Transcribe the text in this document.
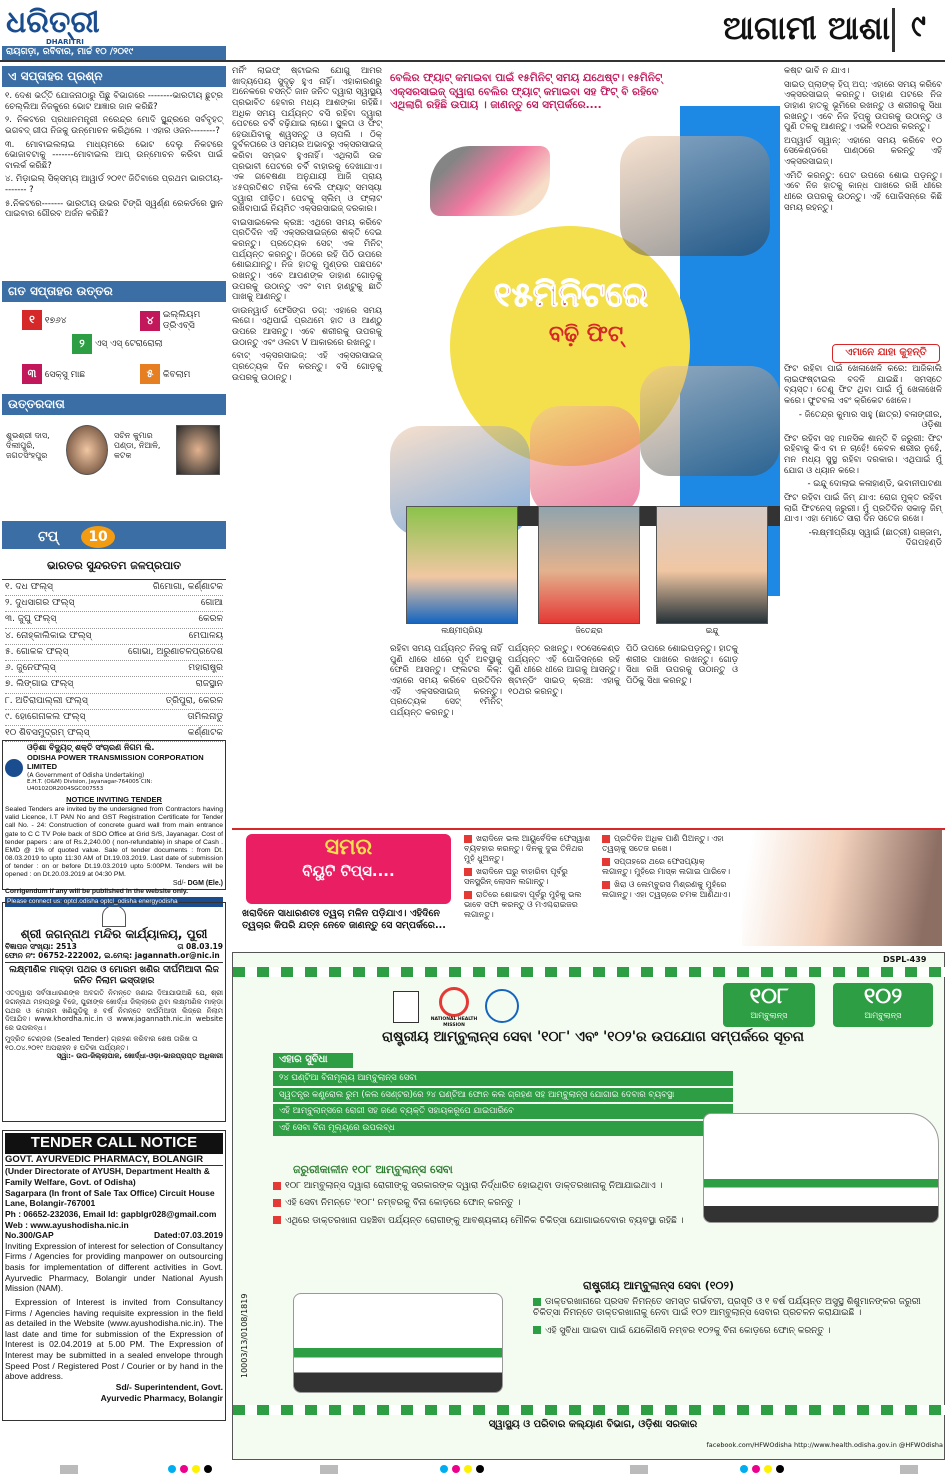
ଧରିତ୍ରୀ
DHARITRI
ରାୟଗଡ଼ା, ରବିବାର, ମାର୍ଚ୍ଚ ୧୦ /୨୦୧୯
ଆଗାମୀ ଆଶା ୯
ଏ ସପ୍ତାହର ପ୍ରଶ୍ନ

୧. ଦେଶ ଭର୍ତ୍ତି ଯୋଜନାଠାରୁ ପିଛୁ ବିଭାଗରେ --------ଭାରତୀୟ ଛୁଟ୍‌ର ଚେଲ୍ଲିଆ ନିଜକୁରେ ଭୋଟ ଆଜ୍ଞାର ଜାନ କରିଛି?

୨. ନିକଟରେ ପ୍ରଧାନମନ୍ତ୍ରୀ ନରେନ୍ଦ୍ର ମୋଦି ସ୍ଥୂନ୍ଦ୍ରରେ ସର୍ବବୃହତ୍ ଭଗବଦ୍ ଗୀତା ନିଜକୁ ଉନ୍ମୋଚନ କରିଥିଲେ । ଏହାର ଓଜନ--------?

୩. ମୋବାଇଲଲାଇ ମାଧ୍ୟମରେ ଭୋଟ ଦେଲୁ ନିକଟରେ ଭୋଜାବଟାକୁ -------ମୋବାଇଲ ଆପ୍ ଉନ୍ମୋଚନ କରିବା ପାଇଁ ବାଲର୍କ କରିଛି?

୪. ମିଡ଼ାଇଲ୍ ସିକ୍ସମ୍ୟ ଆୱାର୍ଡ ୨୦୧୯ ଜିତିବାରେ ପ୍ରଥମ ଭାରତୀୟ-------- ?

୫.ନିକଟରେ------- ଭାରତୀୟ ଉଭର ଟିଙ୍ଗି ସ୍ୱର୍ଣ୍ଣ ରେକର୍ଡରେ ସ୍ଥାନ ପାଇବାର ଗୌରବ ଅର୍ଜନ କରିଛି?

ଗତ ସପ୍ତାହର ଉତ୍ତର
୧ ୧୭୬୪
୨ ଏସ୍ ଏସ୍ ଟେରାରୋଲା
୩ ସେକ୍ସୁ ମାଛ
୪ ଇଲ୍ଲିୟମ ଡ୍ରିଏବ୍ସି
୫ କିବଲାମ
ଉତ୍ତରଦାତା
ଶୁଭଶ୍ରୀ ଦାସ, ଦିଲୀପୁରି, ଜଗତସିଂହପୁର
ସଚିନ କୁମାର ପଣ୍ଡା, ନିଆଳି, କଟକ
ଟପ୍ 10
ଭାରତର ସୁନ୍ଦରତମ ଜଳପ୍ରପାତ
୧. ଦଧ ଫଲ୍ସ୍	ଗିମୋଗା, କର୍ଣ୍ଣାଟକ
୨. ଦୁଧସାଗର ଫଲ୍ସ୍	ଗୋଆ
୩. ଜୁଘୁ ଫଲ୍ସ୍	କେରଳ
୪. ନୋହ୍‌କାଲିକାଇ ଫଲ୍ସ୍	ମେଘାଳୟ
୫. ଗୋକକ ଫଲ୍ସ୍	ଗୋଭା, ଅରୁଣାଚଳପ୍ରଦେଶ
୬. ଜୁନେଫଲ୍ସ୍	ମହାରାଷ୍ଟ୍ର
୭. ଲିଙ୍ଗାଇ ଫଲ୍ସ୍	ରାଜସ୍ଥାନ
୮. ଅତିରାପାଲ୍ଲୀ ଫଲ୍ସ୍	ତ୍ରିପୁରା, କେରଳ
୯. ହୋଗେନାକଲ ଫଲ୍ସ୍	ତାମିଲନାଡୁ
୧୦ ଶିବସମୁଦ୍ରମ୍ ଫଲ୍ସ୍	କର୍ଣ୍ଣାଟକ
ଓଡ଼ିଶା ବିଦ୍ୟୁତ୍ ଶକ୍ତି ସଂଚାରଣ ନିଗମ ଲି.
ODISHA POWER TRANSMISSION CORPORATION LIMITED
(A Government of Odisha Undertaking)
E.H.T. (O&M) Division, Jayanagar-764005 CIN: U40102OR2004SGC007553
NOTICE INVITING TENDER
Sealed Tenders are invited by the undersigned from Contractors having valid Licence, I.T PAN No and GST Registration Certificate for Tender call No. - 24: Construction of concrete guard wall from main entrance gate to C C TV Pole back of SDO Office at Grid S/S, Jayanagar. Cost of tender papers : are of Rs.2,240.00 ( non-refundable) in shape of Cash . EMD @ 1% of quoted value. Sale of tender documents : from Dt. 08.03.2019 to upto 11:30 AM of Dt.19.03.2019. Last date of submission of tender : on or before Dt.19.03.2019 upto 5:00PM. Tenders will be opened : on Dt.20.03.2019 at 04:30 PM.
Sd/- DGM (Ele.)
Corrigendum if any will be published in the website only.
Please connect us: optcl.odisha optcl_odisha energyodisha
ଶ୍ରୀ ଜଗନ୍ନାଥ ମନ୍ଦିର କାର୍ଯ୍ୟାଳୟ, ପୁରୀ
ବିଜ୍ଞାପନ ସଂଖ୍ୟା: 2513	ତା 08.03.19
ଫୋନ ନଂ: 06752-222002, ଇ.ମେଲ୍: jagannath.or@nic.in
ଲକ୍ଷ୍ମୀଣିକ ମାକ୍ଡ଼ା ପଥର ଓ ମୋରମ ଖଣିର ଦୀର୍ଘମିଆଦୀ ଲିଜ ଜନିତ ନିଲାମ ଇସ୍ତାହାର
ଏତଦ୍ୱାରା ସର୍ବସାଧାରଣଙ୍କ ଅବଗତି ନିମନ୍ତେ ଜଣାଇ ଦିଆଯାଉଅଛି ଯେ, ଶ୍ରୀ ଜଗନ୍ନାଥ ମହାପ୍ରଭୁ ବିଜେ, ପୁରୀଙ୍କ ଖୋର୍ଦ୍ଧା ଜିଲ୍ଲାରେ ଥିବା ଲକ୍ଷ୍ମୀଣିକ ମାକ୍ଡ଼ା ପଥର ଓ ମୋରମ ଖଣିଗୁଡ଼ିକୁ ୫ ବର୍ଷ ନିମନ୍ତେ ଦୀର୍ଘମିଆଦୀ ଲିଜ୍‌ରେ ନିଲାମ ଦିଆଯିବ। www.khordha.nic.in ଓ www.jagannath.nic.in website ରେ ଉପଲବ୍ଧ।
ମୁଦ୍ରିତ ଟେଣ୍ଡର (Sealed Tender) ଗ୍ରହଣ କରିବାର ଶେଷ ତାରିଖ ତା ୧୦.୦୪.୨୦୧୯ ଅପରାହ୍ନ ୫ ଘଟିକା ପର୍ଯ୍ୟନ୍ତ।
ସ୍ୱା:- ଉପ-ଜିଲ୍ଲାପାଳ, ଖୋର୍ଦ୍ଧା-ଓଡ଼ା-ଭାରପ୍ରାପ୍ତ ଅଧିକାରୀ
TENDER CALL NOTICE
GOVT. AYURVEDIC PHARMACY, BOLANGIR
(Under Directorate of AYUSH, Department Health & Family Welfare, Govt. of Odisha)
Sagarpara (In front of Sale Tax Office) Circuit House Lane, Bolangir-767001
Ph : 06652-232036, Email Id: gapblgr028@gmail.com
Web : www.ayushodisha.nic.in
No.300/GAP	Dated:07.03.2019
Inviting Expression of interest for selection of Consultancy Firms / Agencies for providing manpower on outsourcing basis for implementation of different activities in Govt. Ayurvedic Pharmacy, Bolangir under National Ayush Mission (NAM).
Expression of Interest is invited from Consultancy Firms / Agencies having requisite expression in the field as detailed in the Website (www.ayushodisha.nic.in). The last date and time for submission of the Expression of Interest is 02.04.2019 at 5.00 PM. The Expression of Interest may be submitted in a sealed envelope through Speed Post / Registered Post / Courier or by hand in the above address.
Sd/- Superintendent, Govt.
Ayurvedic Pharmacy, Bolangir

ମର୍ନିଂ ଲାଇଫ୍ ଷ୍ଟାଇଲ ଯୋଗୁ ଆମର ଖାଦ୍ୟପେୟ ସୁଦୃଢ଼ ହୁଏ ନାହିଁ। ଏହାକାରଣରୁ ଅନେକରେ ବସନ୍ତି ଜାନ ଜନିତ ଦ୍ୱାରା ସ୍ୱାସ୍ଥ୍ୟ ପ୍ରଭାବିତ ହେବାର ମଧ୍ୟ ଆଶଙ୍କା ରହିଛି। ଅଧିକ ସମୟ ପର୍ଯ୍ୟନ୍ତ ବସି ରହିବା ଦ୍ୱାରା ପେଟରେ ଚର୍ବି ବଢ଼ିଯାଇ ଲାଗେ। ସ୍ଥୂଳତା ଓ ଫିଟ୍ ହେଉାଯିବାକୁ ଶ୍ୱସନ୍ତୁ ଓ ଚାପଲି । ଠିକ୍ ଦୁର୍ବଳତାରେ ଓ ସମୟର ଅଭାବରୁ ଏକ୍ସରସାଇଜ୍ କରିବା ସମ୍ଭବ ହୁଏନାହିଁ। ଏଥିଲାଗି ଉଚ୍ଚ ପ୍ରଭାବୀ ପେଟରେ ଚର୍ବି ବାହାରକୁ ଦେଖାଯାଏ। ଏକ ଗବେଷଣା ଅନୁଯାୟୀ ଆଜି ପ୍ରାୟ ୪୫ପ୍ରତିଶତ ମହିଳା ବେଲି ଫ୍ୟାଟ୍ ସମସ୍ୟା ଦ୍ୱାରା ପୀଡ଼ିତ। ପେଟକୁ ସ୍ଲିମ୍ ଓ ଫ୍ଲାଟ ରଖିବାପାଇଁ ନିୟମିତ ଏକ୍ସରସାଇଜ୍ ଦରକାର।

ବାଇସାଇକେଲ କ୍ରଞ୍ଚ: ଏଥିରେ ସମୟ କରିବେ ପ୍ରତିଦିନ ଏହି ଏକ୍ସରସାଇଜ୍‌ରେ ଶକ୍ତି ଦେଇ କରନ୍ତୁ। ପ୍ରତ୍ୟେକ ସେଟ୍ ଏକ ମିନିଟ୍ ପର୍ଯ୍ୟନ୍ତ କରନ୍ତୁ। ଜିଠରେ ରହି ପିଠି ଉପରେ ଶୋଇଯାନ୍ତୁ। ନିଜ ହାତକୁ ମୁଣ୍ଡର ପଛପଟେ ରଖନ୍ତୁ। ଏବେ ଆପଣଙ୍କ ଡାହାଣ ଗୋଡ଼କୁ ଉପରକୁ ଉଠାନ୍ତୁ ଏବଂ ବାମ ହାଣ୍ଟୁକୁ ଛାତି ପାଖକୁ ଆଣନ୍ତୁ।

ଡାଉନ୍‌ୱାର୍ଡ ଫେସିଙ୍ଗ ଡଗ୍: ଏହାରେ ସମୟ ଲଗେ। ଏଥିପାଇଁ ପ୍ରଥମେ ହାତ ଓ ଆଣ୍ଠୁ ଉପରେ ଆସନ୍ତୁ। ଏବେ ଶରୀରକୁ ଉପରକୁ ଉଠାନ୍ତୁ ଏବଂ ଓଲଟା V ଆକାରରେ ରଖନ୍ତୁ।

ବୋଟ୍ ଏକ୍ସରସାଇଜ୍: ଏହି ଏକ୍ସରସାଇଜ୍ ପ୍ରତ୍ୟେକ ଦିନ କରନ୍ତୁ। ବସି ଗୋଡ଼କୁ ଉପରକୁ ଉଠାନ୍ତୁ।

ବେଲିର ଫ୍ୟାଟ୍ କମାଇବା ପାଇଁ ୧୫ମିନିଟ୍ ସମୟ ଯଥେଷ୍ଟ। ୧୫ମିନିଟ୍ ଏକ୍ସରସାଇଜ୍ ଦ୍ୱାରା ବେଲିର ଫ୍ୟାଟ୍ କମାଇବା ସହ ଫିଟ୍ ବି ରହିବେ ଏଥିଲାଗି ରହିଛି ଉପାୟ । ଜାଣନ୍ତୁ ସେ ସମ୍ପର୍କରେ....
୧୫ମିନିଟରେ
ବଢ଼ି ଫିଟ୍
ଲକ୍ଷ୍ମୀପ୍ରିୟା	ଜିତେନ୍ଦ୍ର	ଇନ୍ଦୁ

ରହିବା ସମୟ ପର୍ଯ୍ୟନ୍ତ ନିଜକୁ ନାହିଁ ପୁଣି ଧୀରେ ଧୀରେ ପୂର୍ବ ଅବସ୍ଥାକୁ ଫେରି ଆସନ୍ତୁ। ଫ୍ଲଟର କିକ୍: ଏହାରେ ସମୟ କରିବେ ପ୍ରତିଦିନ ଏହି ଏକ୍ସରସାଇଜ୍ କରନ୍ତୁ। ପ୍ରତ୍ୟେକ ସେଟ୍ ୧ମିନିଟ୍ ପର୍ଯ୍ୟନ୍ତ କରନ୍ତୁ।

ପର୍ଯ୍ୟନ୍ତ ରଖନ୍ତୁ। ୧୦ସେକେଣ୍ଡ ପର୍ଯ୍ୟନ୍ତ ଏହି ପୋଜିସନ୍‌ରେ ରହି ପୁଣି ଧୀରେ ଧୀରେ ଆଗକୁ ଆସନ୍ତୁ। ଷ୍ଟାନ୍ଡିଂ ସାଇଡ୍ କ୍ରଞ୍ଚ: ଏହାକୁ ୧୦ଥର କରନ୍ତୁ।

ପିଠି ଉପରେ ଶୋଇପଡ଼ନ୍ତୁ। ହାତକୁ ଶରୀର ପାଖରେ ରଖନ୍ତୁ। ଗୋଡ଼ ସିଧା ରଖି ଉପରକୁ ଉଠାନ୍ତୁ ଓ ପିଠିକୁ ସିଧା କରନ୍ତୁ।

କଷ୍ଟ ଭାବି ନ ଯାଏ।

ସାଇଡ୍ ପ୍ଲାଙ୍କ୍ ହିପ୍ ଅପ୍: ଏହାରେ ସମୟ କରିବେ ଏକ୍ସରସାଇଜ୍ କରନ୍ତୁ। ଡାହାଣ ପଟରେ ନିଜ ଡାହାଣ ହାତକୁ ଭୂମିରେ ରଖନ୍ତୁ ଓ ଶରୀରକୁ ସିଧା ରଖନ୍ତୁ। ଏବେ ନିଜ ହିପ୍‌କୁ ଉପରକୁ ଉଠାନ୍ତୁ ଓ ପୁଣି ତଳକୁ ଆଣନ୍ତୁ। ଏଭଳି ୧୦ଥର କରନ୍ତୁ।

ଅପ୍‌ୱାର୍ଡ ସ୍ୱାନ୍: ଏହାରେ ସମୟ କରିବେ ୧୦ ସେକେଣ୍ଡରେ ପାଣ୍ଠରେ କରନ୍ତୁ ଏହି ଏକ୍ସରସାଇଜ୍।

ଏମିତି କରନ୍ତୁ: ପେଟ ଉପରେ ଶୋଇ ପଡ଼ନ୍ତୁ। ଏବେ ନିଜ ହାତକୁ କାନ୍ଧ ପାଖରେ ରଖି ଧୀରେ ଧୀରେ ଉପରକୁ ଉଠନ୍ତୁ। ଏହି ପୋଜିସନ୍‌ରେ କିଛି ସମୟ ରହନ୍ତୁ।

ଏମାନେ ଯାହା କୁହନ୍ତି

ଫିଟ ରହିବା ପାଇଁ ଖେଳାଖେଳି କରେ: ଆଜିକାଲି ଲାଇଫଷ୍ଟାଇଲ ବଦଳି ଯାଇଛି। ସମସ୍ତେ ବ୍ୟସ୍ତ। ତେଣୁ ଫିଟ ଥିବା ପାଇଁ ମୁଁ ଖେଳାଖେଳି କରେ। ଫୁଟବଲ ଏବଂ କ୍ରିକେଟ ଖେଳେ।

- ଜିତେନ୍ଦ୍ର କୁମାର ସାହୁ (ଛାତ୍ର) ବଳାଙ୍ଗୀର, ଓଡ଼ିଶା

ଫିଟ ରହିବା ସହ ମାନସିକ ଶାନ୍ତି ବି ଜରୁରୀ: ଫିଟ ରହିବାକୁ କିଏ ବା ନ ଚାହେଁ! କେବଳ ଶରୀର ନୁହେଁ, ମନ ମଧ୍ୟ ସୁସ୍ଥ ରହିବା ଦରକାର। ଏଥିପାଇଁ ମୁଁ ଯୋଗ ଓ ଧ୍ୟାନ କରେ।

- ଇନ୍ଦୁ ଦୋଲାଇ କଳାହାଣ୍ଡି, ଭବାନୀପାଟଣା

ଫିଟ ରହିବା ପାଇଁ ଜିମ୍ ଯାଏ: ରୋଗ ମୁକ୍ତ ରହିବା ଲାଗି ଫିଟନେସ୍ ଜରୁରୀ। ମୁଁ ପ୍ରତିଦିନ ସକାଳୁ ଜିମ୍ ଯାଏ। ଏହା ମୋତେ ସାରା ଦିନ ସତେଜ ରଖେ।

-ଲକ୍ଷ୍ମୀପ୍ରିୟା ସ୍ୱାଇଁ (ଛାତ୍ରୀ) ଗଞ୍ଜାମ, ଦିଗପହଣ୍ଡି

ସମର
ବିୟୁଟି ଟିପ୍ସ....
ଖରାଦିନେ ସାଧାରଣତଃ ତ୍ୱଚା ମଳିନ ପଡ଼ିଯାଏ। ଏହିଦିନେ ତ୍ୱଚାର କିପରି ଯତ୍ନ ନେବେ ଜାଣନ୍ତୁ ସେ ସମ୍ପର୍କରେ...

ଖରାଦିନେ ଭଲ ଆୟୁର୍ବେଦିକ ଫେସ୍‌ୱାଶ ବ୍ୟବହାର କରନ୍ତୁ। ଦିନକୁ ଦୁଇ ତିନିଥର ମୁହଁ ଧୁଅନ୍ତୁ।

ଖରାଦିନେ ଘରୁ ବାହାରିବା ପୂର୍ବରୁ ସନସ୍କ୍ରିନ୍ ଲୋସନ ଲଗାନ୍ତୁ।

ରାତିରେ ଶୋଇବା ପୂର୍ବରୁ ମୁହଁକୁ ଭଲ ଭାବେ ସଫା କରନ୍ତୁ ଓ ମଏଶ୍ଚରାଇଜର ଲଗାନ୍ତୁ।

ପ୍ରତିଦିନ ଅଧିକ ପାଣି ପିଅନ୍ତୁ। ଏହା ତ୍ୱଚାକୁ ସତେଜ ରଖେ।

ସପ୍ତାହରେ ଥରେ ଫେସପ୍ୟାକ୍ ଲଗାନ୍ତୁ। ମୁହଁରେ ମାସ୍କ ଲଗାଇ ପାରିବେ।

ଖିରା ଓ ଲେମ୍ବୁରସ ମିଶ୍ରଣକୁ ମୁହଁରେ ଲଗାନ୍ତୁ। ଏହା ତ୍ୱଚାରେ ଚମକ ଆଣିଥାଏ।

DSPL-439
NATIONAL HEALTH MISSION
୧୦୮
ଆମ୍ବୁଲାନ୍ସ
୧୦୨
ଆମ୍ବୁଲାନ୍ସ
ରାଷ୍ଟ୍ରୀୟ ଆମ୍ବୁଲାନ୍ସ ସେବା '୧୦୮' ଏବଂ '୧୦୨'ର ଉପଯୋଗ ସମ୍ପର୍କରେ ସୂଚନା
ଏହାର ସୁବିଧା
୨୪ ଘଣ୍ଟିଆ ବିନାମୂଲ୍ୟ ଆମ୍ବୁଲାନ୍ସ ସେବା
ସ୍ୱତନ୍ତ୍ର କଣ୍ଟ୍ରୋଲ ରୁମ (କଲ ସେଣ୍ଟର)ରେ ୨୪ ଘଣ୍ଟିଆ ଫୋନ କଲ ଗ୍ରହଣ ସହ ଆମ୍ବୁଲାନ୍ସ ଯୋଗାଇ ଦେବାର ବ୍ୟବସ୍ଥା
ଏହି ଆମ୍ବୁଲାନ୍ସରେ ରୋଗୀ ସହ ଜଣେ ବ୍ୟକ୍ତି ସହାୟକରୂପେ ଯାଇପାରିବେ
ଏହି ସେବା ବିନା ମୂଲ୍ୟରେ ଉପଲବ୍ଧ
ଜରୁରୀକାଳୀନ ୧୦୮ ଆମ୍ବୁଲାନ୍ସ ସେବା

୧୦୮ ଆମ୍ବୁଲାନ୍ସ ଦ୍ୱାରା ରୋଗୀଙ୍କୁ ସରକାରଙ୍କ ଦ୍ୱାରା ନିର୍ଦ୍ଧାରିତ ହୋଇଥିବା ଡାକ୍ତରଖାନାକୁ ନିଆଯାଇଥାଏ ।

ଏହି ସେବା ନିମନ୍ତେ '୧୦୮' ନମ୍ବରକୁ ବିନା କୋଡ଼ରେ ଫୋନ୍ କରନ୍ତୁ ।

ଏଥିରେ ଡାକ୍ତରଖାନା ପହଞ୍ଚିବା ପର୍ଯ୍ୟନ୍ତ ରୋଗୀଙ୍କୁ ଆବଶ୍ୟକୀୟ ମୌଳିକ ଚିକିତ୍ସା ଯୋଗାଇଦେବାର ବ୍ୟବସ୍ଥା ରହିଛି ।

ରାଷ୍ଟ୍ରୀୟ ଆମ୍ବୁଲାନ୍ସ ସେବା (୧୦୨)

ଡାକ୍ତରଖାନାରେ ପ୍ରସବ ନିମନ୍ତେ ସମସ୍ତ ଗର୍ଭବତୀ, ପ୍ରସୂତି ଓ ୧ ବର୍ଷ ପର୍ଯ୍ୟନ୍ତ ଅସୁସ୍ଥ ଶିଶୁମାନଙ୍କର ଜରୁରୀ ଚିକିତ୍ସା ନିମନ୍ତେ ଡାକ୍ତରଖାନାକୁ ନେବା ପାଇଁ ୧୦୨ ଆମ୍ବୁଲାନ୍ସ ସେବାର ପ୍ରଚଳନ କରାଯାଇଛି ।

ଏହି ସୁବିଧା ପାଇବା ପାଇଁ ଯେକୌଣସି ନମ୍ବର ୧୦୨କୁ ବିନା କୋଡ଼ରେ ଫୋନ୍ କରନ୍ତୁ ।

10003/13/0108/1819
ସ୍ୱାସ୍ଥ୍ୟ ଓ ପରିବାର କଲ୍ୟାଣ ବିଭାଗ, ଓଡ଼ିଶା ସରକାର
facebook.com/HFWOdisha http://www.health.odisha.gov.in @HFWOdisha
